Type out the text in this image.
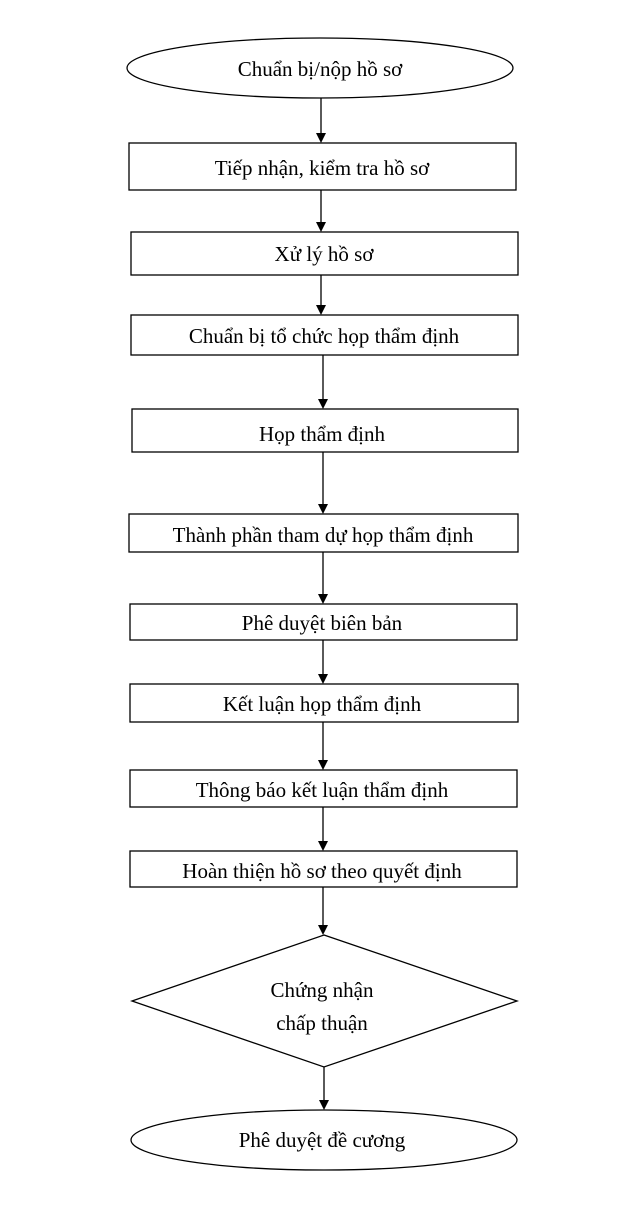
Chuẩn bị/nộp hồ sơ
Tiếp nhận, kiểm tra hồ sơ
Xử lý hồ sơ
Chuẩn bị tổ chức họp thẩm định
Họp thẩm định
Thành phần tham dự họp thẩm định
Phê duyệt biên bản
Kết luận họp thẩm định
Thông báo kết luận thẩm định
Hoàn thiện hồ sơ theo quyết định
Chứng nhận
chấp thuận
Phê duyệt đề cương
